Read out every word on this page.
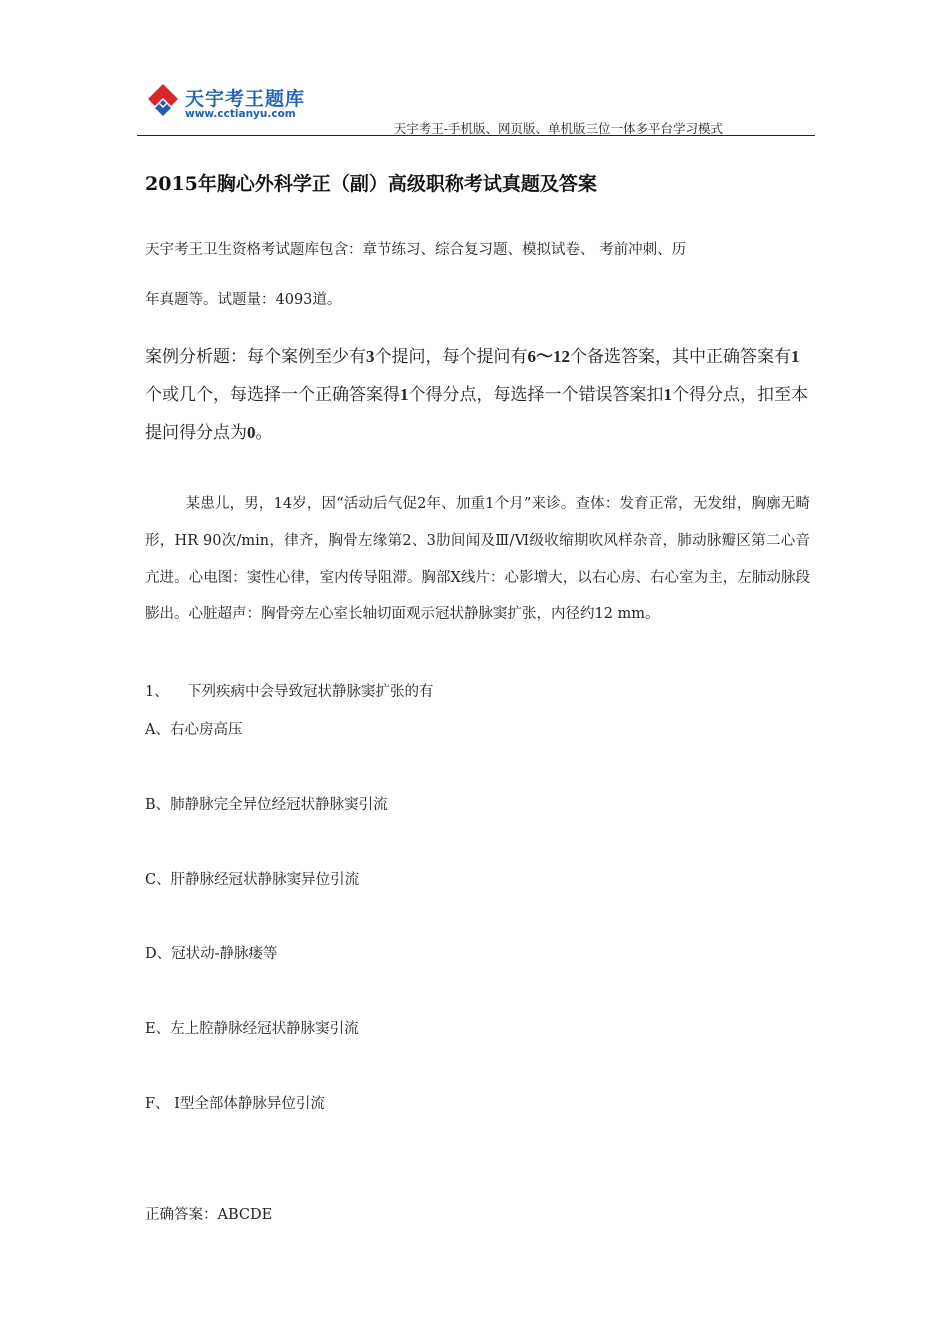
天宇考王题库
www.cctianyu.com
天宇考王-手机版、网页版、单机版三位一体多平台学习模式
2015年胸心外科学正（副）高级职称考试真题及答案
天宇考王卫生资格考试题库包含：章节练习、综合复习题、模拟试卷、 考前冲刺、历
年真题等。试题量：4093道。
案例分析题：每个案例至少有3个提问，每个提问有6～12个备选答案，其中正确答案有1个或几个，每选择一个正确答案得1个得分点，每选择一个错误答案扣1个得分点，扣至本提问得分点为0。
某患儿，男，14岁，因“活动后气促2年、加重1个月”来诊。查体：发育正常，无发绀，胸廓无畸形，HR 90次/min，律齐，胸骨左缘第2、3肋间闻及Ⅲ/Ⅵ级收缩期吹风样杂音，肺动脉瓣区第二心音亢进。心电图：窦性心律，室内传导阻滞。胸部X线片：心影增大，以右心房、右心室为主，左肺动脉段膨出。心脏超声：胸骨旁左心室长轴切面观示冠状静脉窦扩张，内径约12 mm。
1、 下列疾病中会导致冠状静脉窦扩张的有
A、右心房高压
B、肺静脉完全异位经冠状静脉窦引流
C、肝静脉经冠状静脉窦异位引流
D、冠状动-静脉瘘等
E、左上腔静脉经冠状静脉窦引流
F、 Ⅰ型全部体静脉异位引流
正确答案：ABCDE
